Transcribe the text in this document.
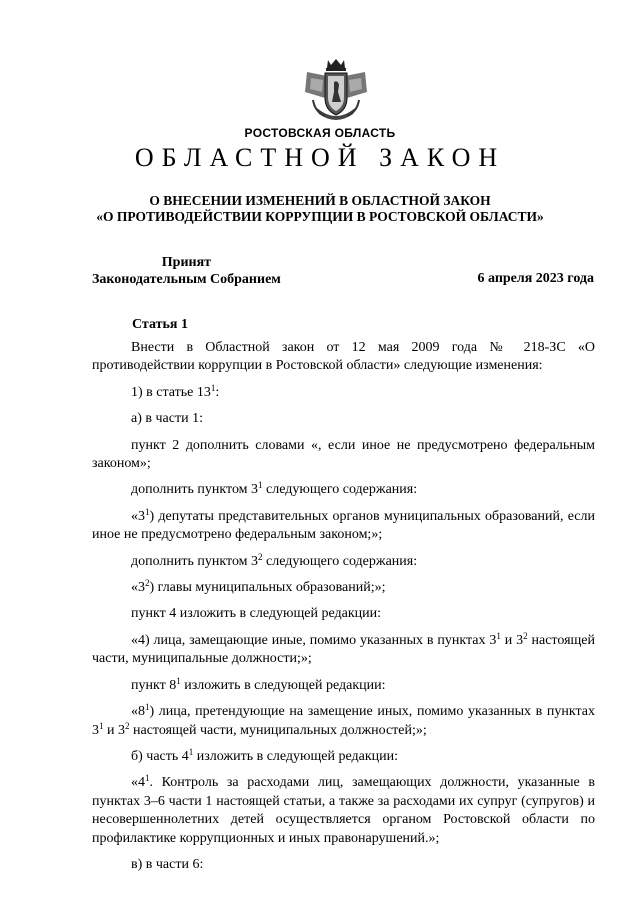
РОСТОВСКАЯ ОБЛАСТЬ
ОБЛАСТНОЙ ЗАКОН
О ВНЕСЕНИИ ИЗМЕНЕНИЙ В ОБЛАСТНОЙ ЗАКОН
«О ПРОТИВОДЕЙСТВИИ КОРРУПЦИИ В РОСТОВСКОЙ ОБЛАСТИ»
Принят
Законодательным Собранием	6 апреля 2023 года
Статья 1

Внести в Областной закон от 12 мая 2009 года № 218-ЗС «О противодействии коррупции в Ростовской области» следующие изменения:

1) в статье $13^1$:

а) в части 1:

пункт 2 дополнить словами «, если иное не предусмотрено федеральным законом»;

дополнить пунктом $3^1$ следующего содержания:

«$3^1$) депутаты представительных органов муниципальных образований, если иное не предусмотрено федеральным законом;»;

дополнить пунктом $3^2$ следующего содержания:

«$3^2$) главы муниципальных образований;»;

пункт 4 изложить в следующей редакции:

«4) лица, замещающие иные, помимо указанных в пунктах $3^1$ и $3^2$ настоящей части, муниципальные должности;»;

пункт $8^1$ изложить в следующей редакции:

«$8^1$) лица, претендующие на замещение иных, помимо указанных в пунктах $3^1$ и $3^2$ настоящей части, муниципальных должностей;»;

б) часть $4^1$ изложить в следующей редакции:

«$4^1$. Контроль за расходами лиц, замещающих должности, указанные в пунктах 3–6 части 1 настоящей статьи, а также за расходами их супруг (супругов) и несовершеннолетних детей осуществляется органом Ростовской области по профилактике коррупционных и иных правонарушений.»;

в) в части 6:
